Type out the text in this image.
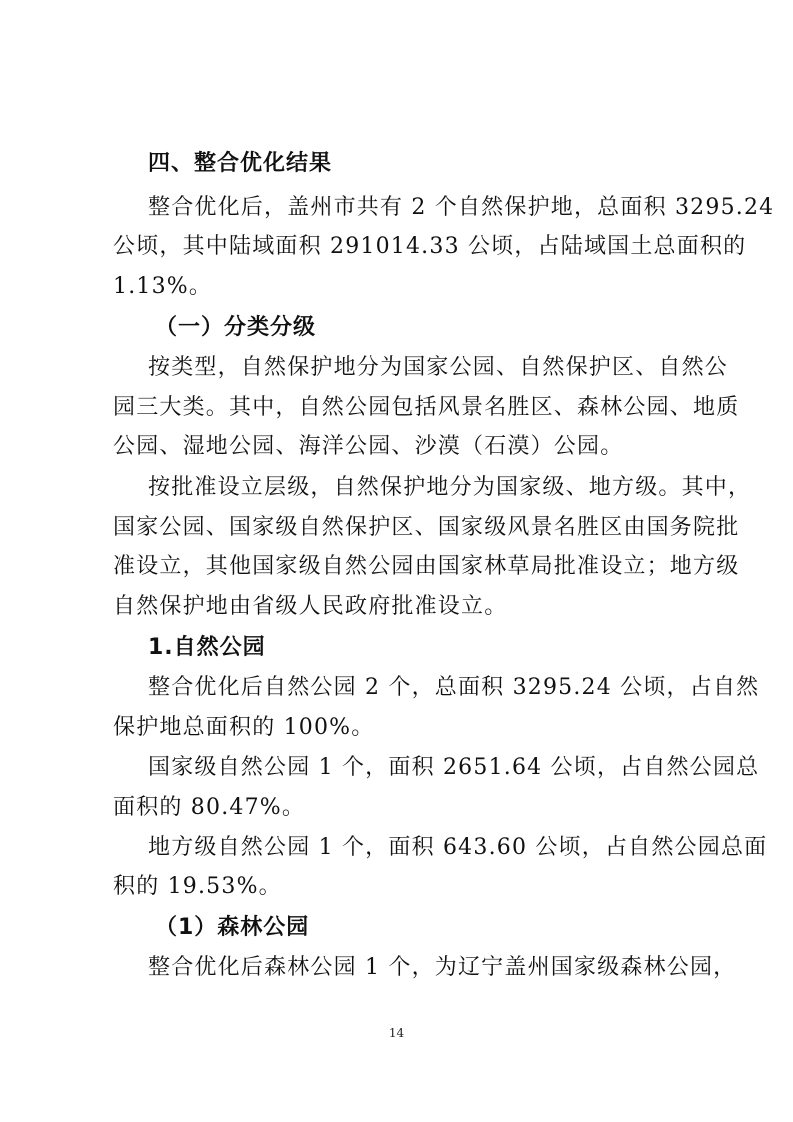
四、整合优化结果
整合优化后，盖州市共有 2 个自然保护地，总面积 3295.24
公顷，其中陆域面积 291014.33 公顷，占陆域国土总面积的
1.13%。
（一）分类分级
按类型，自然保护地分为国家公园、自然保护区、自然公
园三大类。其中，自然公园包括风景名胜区、森林公园、地质
公园、湿地公园、海洋公园、沙漠（石漠）公园。
按批准设立层级，自然保护地分为国家级、地方级。其中，
国家公园、国家级自然保护区、国家级风景名胜区由国务院批
准设立，其他国家级自然公园由国家林草局批准设立；地方级
自然保护地由省级人民政府批准设立。
1.自然公园
整合优化后自然公园 2 个，总面积 3295.24 公顷，占自然
保护地总面积的 100%。
国家级自然公园 1 个，面积 2651.64 公顷，占自然公园总
面积的 80.47%。
地方级自然公园 1 个，面积 643.60 公顷，占自然公园总面
积的 19.53%。
（1）森林公园
整合优化后森林公园 1 个，为辽宁盖州国家级森林公园，
14
